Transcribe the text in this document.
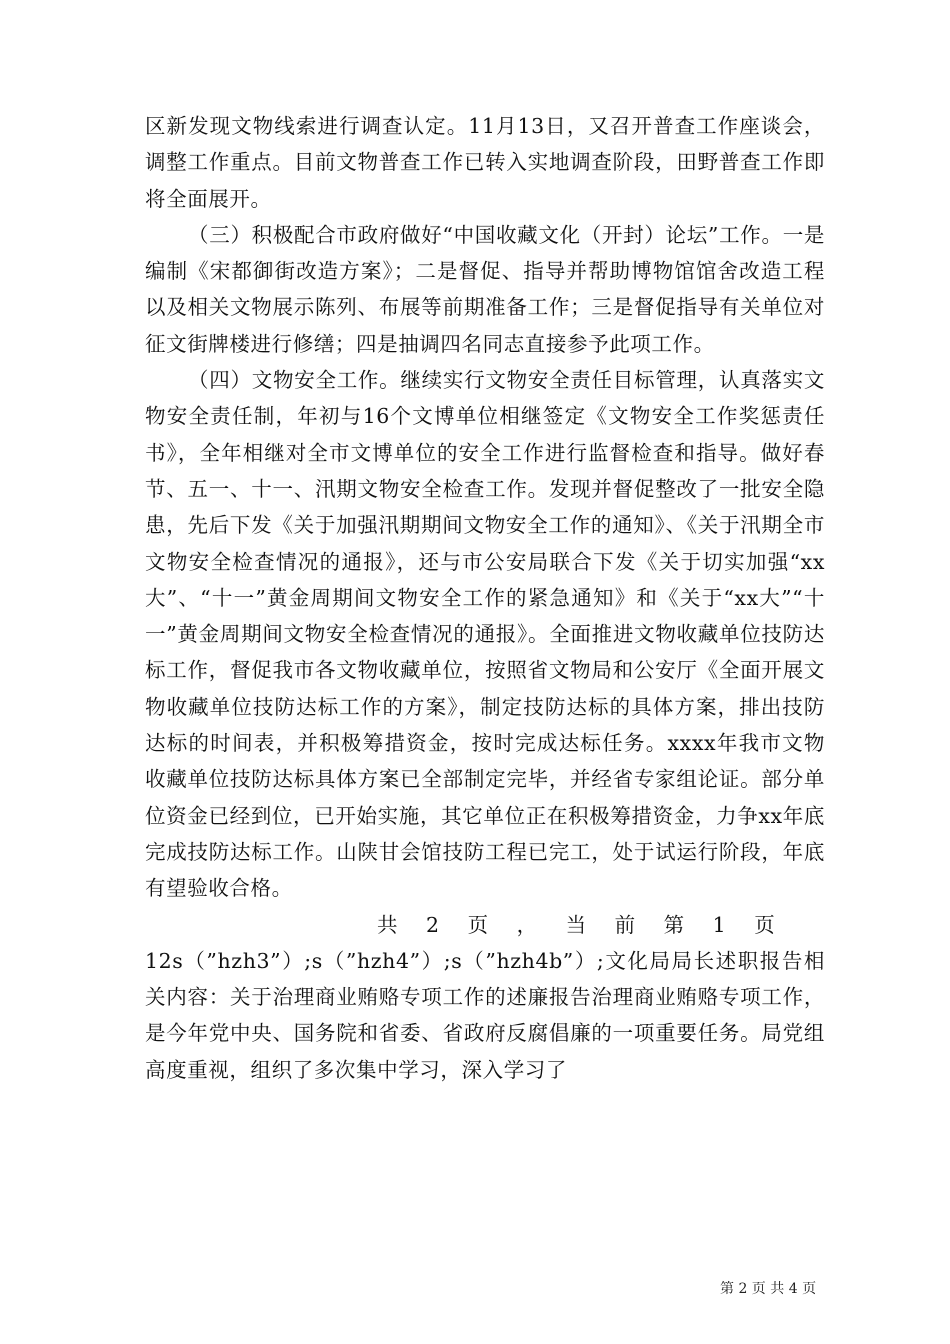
区新发现文物线索进行调查认定。11月13日，又召开普查工作座谈会，调整工作重点。目前文物普查工作已转入实地调查阶段，田野普查工作即将全面展开。

（三）积极配合市政府做好“中国收藏文化（开封）论坛”工作。一是编制《宋都御街改造方案》；二是督促、指导并帮助博物馆馆舍改造工程以及相关文物展示陈列、布展等前期准备工作；三是督促指导有关单位对征文街牌楼进行修缮；四是抽调四名同志直接参予此项工作。

（四）文物安全工作。继续实行文物安全责任目标管理，认真落实文物安全责任制，年初与16个文博单位相继签定《文物安全工作奖惩责任书》，全年相继对全市文博单位的安全工作进行监督检查和指导。做好春节、五一、十一、汛期文物安全检查工作。发现并督促整改了一批安全隐患，先后下发《关于加强汛期期间文物安全工作的通知》、《关于汛期全市文物安全检查情况的通报》，还与市公安局联合下发《关于切实加强“xx大”、“十一”黄金周期间文物安全工作的紧急通知》和《关于“xx大”“十一”黄金周期间文物安全检查情况的通报》。全面推进文物收藏单位技防达标工作，督促我市各文物收藏单位，按照省文物局和公安厅《全面开展文物收藏单位技防达标工作的方案》，制定技防达标的具体方案，排出技防达标的时间表，并积极筹措资金，按时完成达标任务。xxxx年我市文物收藏单位技防达标具体方案已全部制定完毕，并经省专家组论证。部分单位资金已经到位，已开始实施，其它单位正在积极筹措资金，力争xx年底完成技防达标工作。山陕甘会馆技防工程已完工，处于试运行阶段，年底有望验收合格。

共 2 页 ， 当 前 第 1 页

12s（”hzh3”）;s（”hzh4”）;s（”hzh4b”）;文化局局长述职报告相关内容：关于治理商业贿赂专项工作的述廉报告治理商业贿赂专项工作，是今年党中央、国务院和省委、省政府反腐倡廉的一项重要任务。局党组高度重视，组织了多次集中学习，深入学习了

第 2 页 共 4 页
